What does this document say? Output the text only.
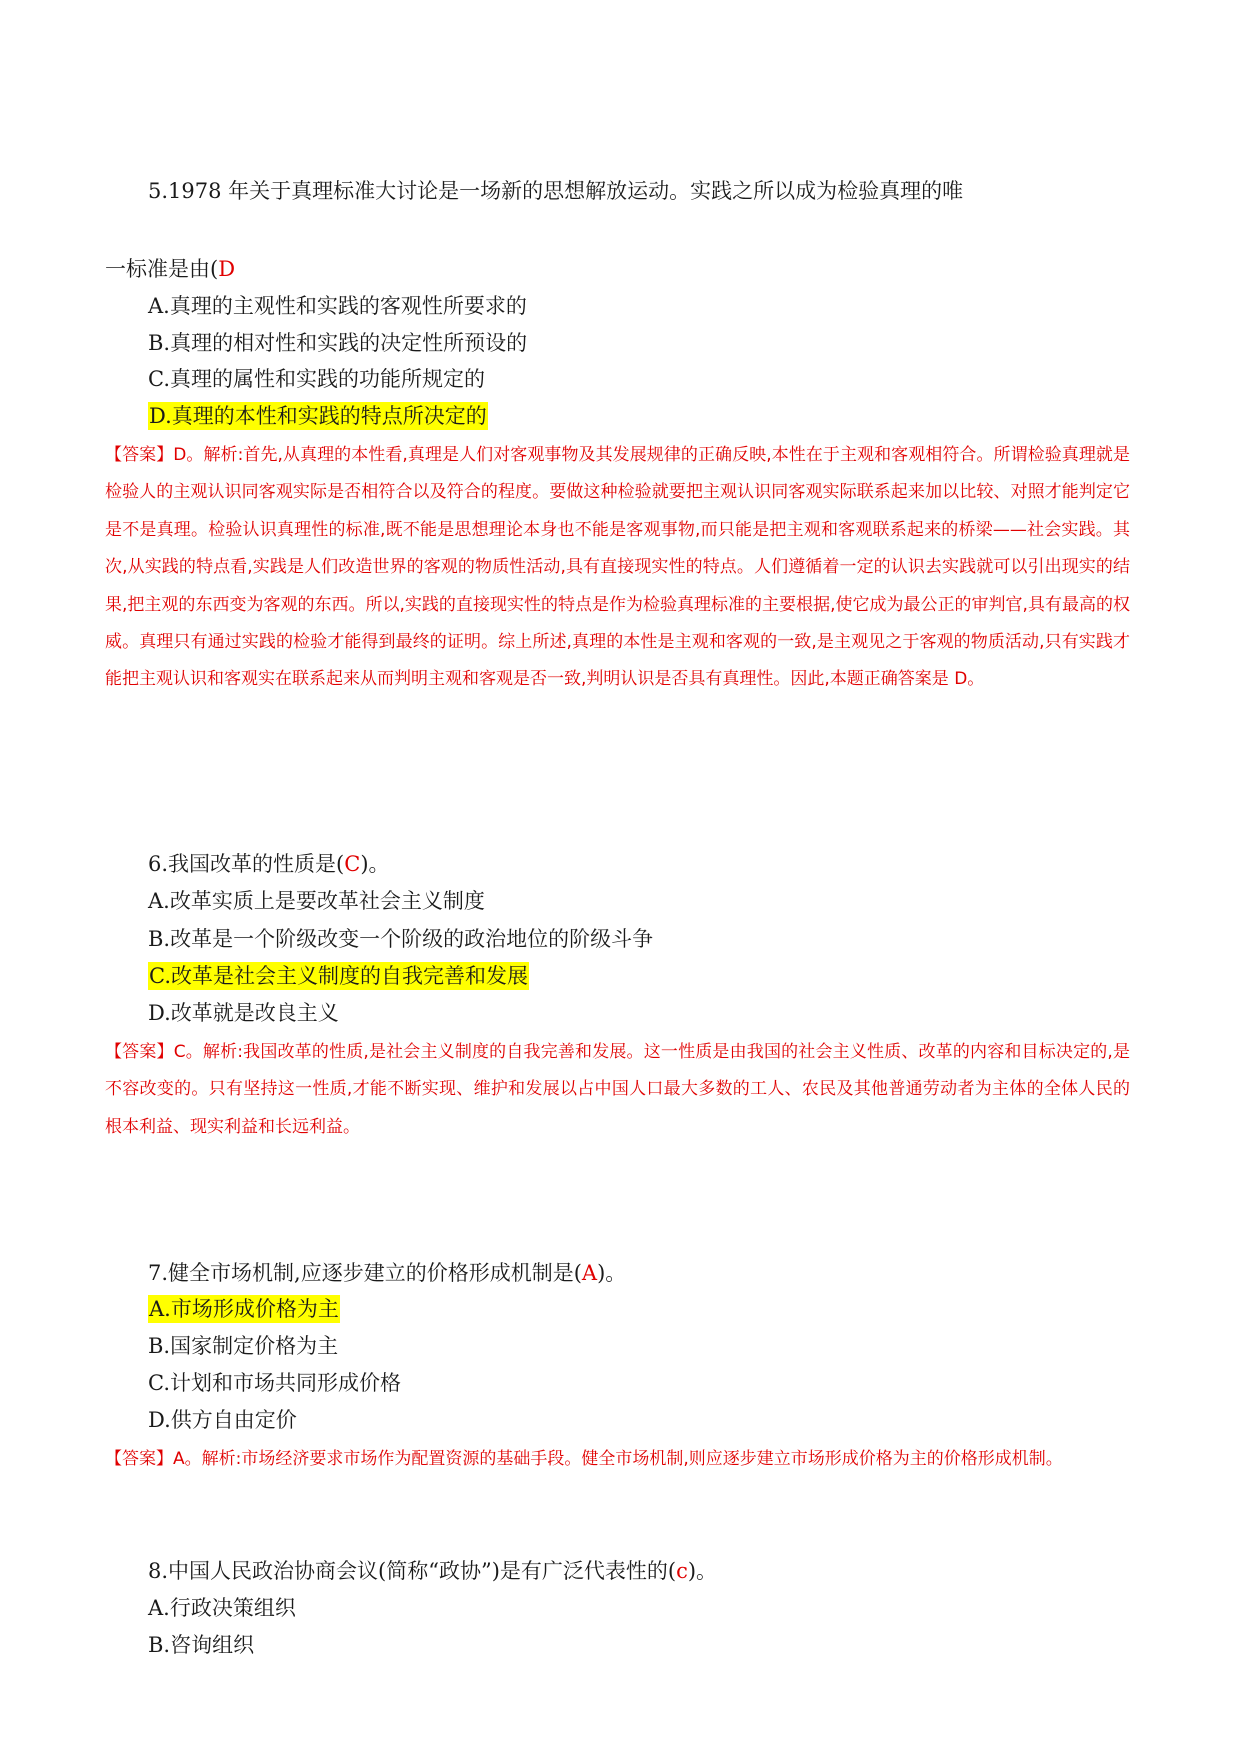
5.1978 年关于真理标准大讨论是一场新的思想解放运动。实践之所以成为检验真理的唯
一标准是由(D
A.真理的主观性和实践的客观性所要求的
B.真理的相对性和实践的决定性所预设的
C.真理的属性和实践的功能所规定的
D.真理的本性和实践的特点所决定的
【答案】D。解析:首先,从真理的本性看,真理是人们对客观事物及其发展规律的正确反映,本性在于主观和客观相符合。所谓检验真理就是检验人的主观认识同客观实际是否相符合以及符合的程度。要做这种检验就要把主观认识同客观实际联系起来加以比较、对照才能判定它是不是真理。检验认识真理性的标准,既不能是思想理论本身也不能是客观事物,而只能是把主观和客观联系起来的桥梁——社会实践。其次,从实践的特点看,实践是人们改造世界的客观的物质性活动,具有直接现实性的特点。人们遵循着一定的认识去实践就可以引出现实的结果,把主观的东西变为客观的东西。所以,实践的直接现实性的特点是作为检验真理标准的主要根据,使它成为最公正的审判官,具有最高的权威。真理只有通过实践的检验才能得到最终的证明。综上所述,真理的本性是主观和客观的一致,是主观见之于客观的物质活动,只有实践才能把主观认识和客观实在联系起来从而判明主观和客观是否一致,判明认识是否具有真理性。因此,本题正确答案是 D。
6.我国改革的性质是(C)。
A.改革实质上是要改革社会主义制度
B.改革是一个阶级改变一个阶级的政治地位的阶级斗争
C.改革是社会主义制度的自我完善和发展
D.改革就是改良主义
【答案】C。解析:我国改革的性质,是社会主义制度的自我完善和发展。这一性质是由我国的社会主义性质、改革的内容和目标决定的,是不容改变的。只有坚持这一性质,才能不断实现、维护和发展以占中国人口最大多数的工人、农民及其他普通劳动者为主体的全体人民的根本利益、现实利益和长远利益。
7.健全市场机制,应逐步建立的价格形成机制是(A)。
A.市场形成价格为主
B.国家制定价格为主
C.计划和市场共同形成价格
D.供方自由定价
【答案】A。解析:市场经济要求市场作为配置资源的基础手段。健全市场机制,则应逐步建立市场形成价格为主的价格形成机制。
8.中国人民政治协商会议(简称“政协”)是有广泛代表性的(c)。
A.行政决策组织
B.咨询组织
